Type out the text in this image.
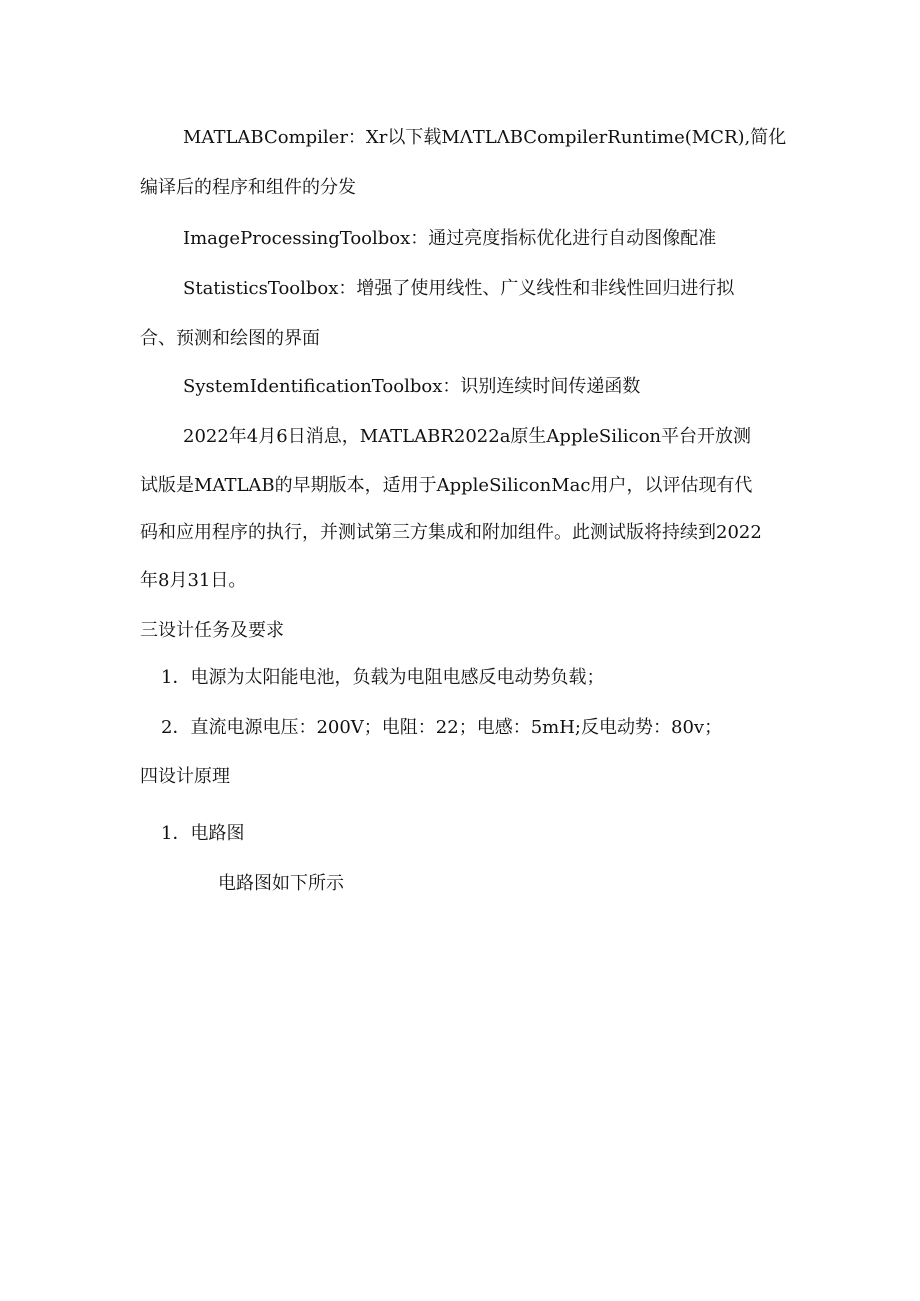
MATLABCompiler：Xr以下载MΛTLΛBCompilerRuntime(MCR),简化
编译后的程序和组件的分发
ImageProcessingToolbox：通过亮度指标优化进行自动图像配准
StatisticsToolbox：增强了使用线性、广义线性和非线性回归进行拟
合、预测和绘图的界面
SystemIdentificationToolbox：识别连续时间传递函数
2022年4月6日消息，MATLABR2022a原生AppleSilicon平台开放测
试版是MATLAB的早期版本，适用于AppleSiliconMac用户，以评估现有代
码和应用程序的执行，并测试第三方集成和附加组件。此测试版将持续到2022
年8月31日。
三设计任务及要求
1．电源为太阳能电池，负载为电阻电感反电动势负载；
2．直流电源电压：200V；电阻：22；电感：5mH;反电动势：80v；
四设计原理
1．电路图
电路图如下所示
